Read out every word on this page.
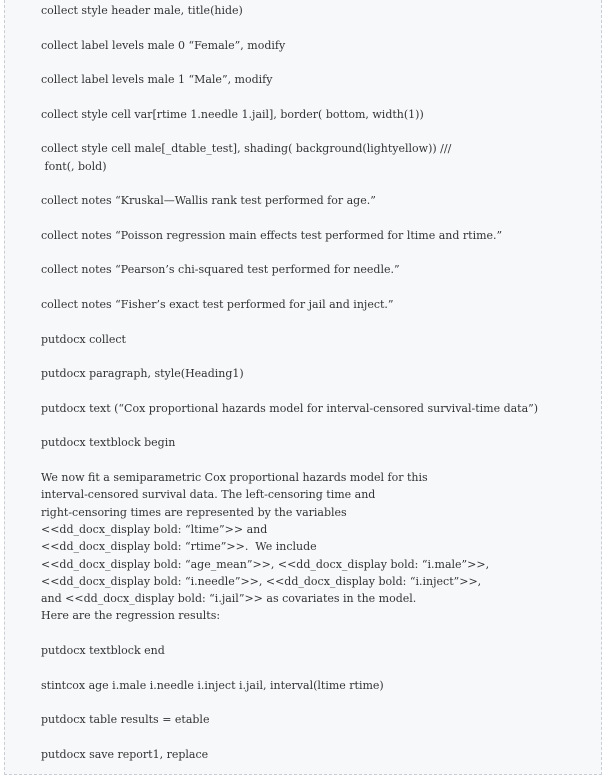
collect style header male, title(hide)
collect label levels male 0 “Female”, modify
collect label levels male 1 “Male”, modify
collect style cell var[rtime 1.needle 1.jail], border( bottom, width(1))
collect style cell male[_dtable_test], shading( background(lightyellow)) ///
font(, bold)
collect notes “Kruskal—Wallis rank test performed for age.”
collect notes “Poisson regression main effects test performed for ltime and rtime.”
collect notes “Pearson’s chi-squared test performed for needle.”
collect notes “Fisher’s exact test performed for jail and inject.”
putdocx collect
putdocx paragraph, style(Heading1)
putdocx text (“Cox proportional hazards model for interval-censored survival-time data”)
putdocx textblock begin
We now fit a semiparametric Cox proportional hazards model for this
interval-censored survival data. The left-censoring time and
right-censoring times are represented by the variables
<<dd_docx_display bold: “ltime”>> and
<<dd_docx_display bold: “rtime”>>.  We include
<<dd_docx_display bold: “age_mean”>>, <<dd_docx_display bold: “i.male”>>,
<<dd_docx_display bold: “i.needle”>>, <<dd_docx_display bold: “i.inject”>>,
and <<dd_docx_display bold: “i.jail”>> as covariates in the model.
Here are the regression results:
putdocx textblock end
stintcox age i.male i.needle i.inject i.jail, interval(ltime rtime)
putdocx table results = etable
putdocx save report1, replace
